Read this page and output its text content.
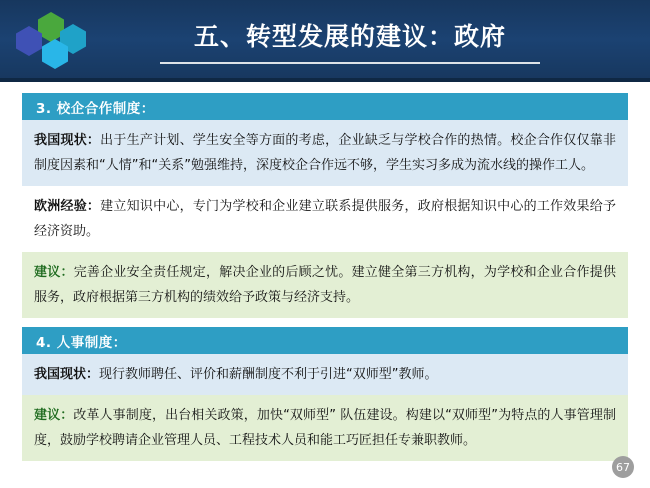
五、转型发展的建议：政府
3. 校企合作制度：
我国现状：出于生产计划、学生安全等方面的考虑，企业缺乏与学校合作的热情。校企合作仅仅靠非制度因素和“人情”和“关系”勉强维持，深度校企合作远不够，学生实习多成为流水线的操作工人。
欧洲经验：建立知识中心，专门为学校和企业建立联系提供服务，政府根据知识中心的工作效果给予经济资助。
建议：完善企业安全责任规定，解决企业的后顾之忧。建立健全第三方机构，为学校和企业合作提供服务，政府根据第三方机构的绩效给予政策与经济支持。
4. 人事制度：
我国现状：现行教师聘任、评价和薪酬制度不利于引进“双师型”教师。
建议：改革人事制度，出台相关政策，加快“双师型” 队伍建设。构建以“双师型”为特点的人事管理制度，鼓励学校聘请企业管理人员、工程技术人员和能工巧匠担任专兼职教师。
67
